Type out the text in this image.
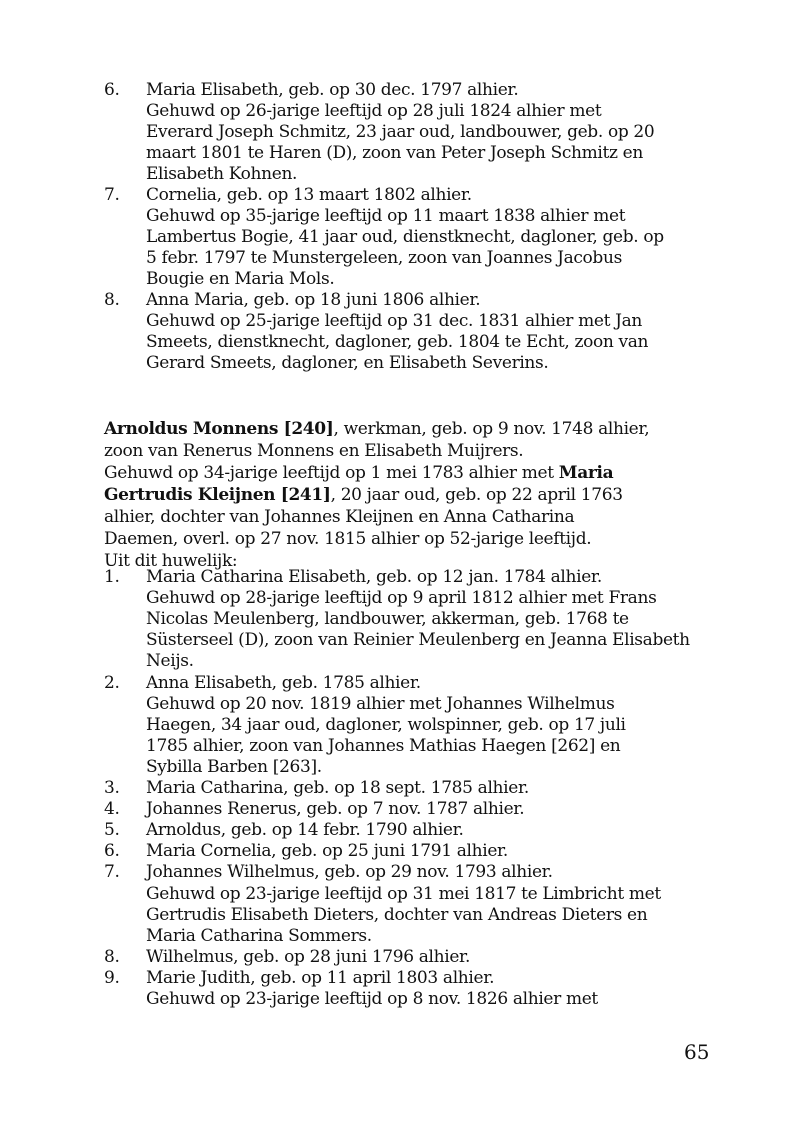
6. Maria Elisabeth, geb. op 30 dec. 1797 alhier.
Gehuwd op 26-jarige leeftijd op 28 juli 1824 alhier met
Everard Joseph Schmitz, 23 jaar oud, landbouwer, geb. op 20
maart 1801 te Haren (D), zoon van Peter Joseph Schmitz en
Elisabeth Kohnen.
7. Cornelia, geb. op 13 maart 1802 alhier.
Gehuwd op 35-jarige leeftijd op 11 maart 1838 alhier met
Lambertus Bogie, 41 jaar oud, dienstknecht, dagloner, geb. op
5 febr. 1797 te Munstergeleen, zoon van Joannes Jacobus
Bougie en Maria Mols.
8. Anna Maria, geb. op 18 juni 1806 alhier.
Gehuwd op 25-jarige leeftijd op 31 dec. 1831 alhier met Jan
Smeets, dienstknecht, dagloner, geb. 1804 te Echt, zoon van
Gerard Smeets, dagloner, en Elisabeth Severins.
Arnoldus Monnens [240], werkman, geb. op 9 nov. 1748 alhier,
zoon van Renerus Monnens en Elisabeth Muijrers.
Gehuwd op 34-jarige leeftijd op 1 mei 1783 alhier met Maria
Gertrudis Kleijnen [241], 20 jaar oud, geb. op 22 april 1763
alhier, dochter van Johannes Kleijnen en Anna Catharina
Daemen, overl. op 27 nov. 1815 alhier op 52-jarige leeftijd.
Uit dit huwelijk:
1. Maria Catharina Elisabeth, geb. op 12 jan. 1784 alhier.
Gehuwd op 28-jarige leeftijd op 9 april 1812 alhier met Frans
Nicolas Meulenberg, landbouwer, akkerman, geb. 1768 te
Süsterseel (D), zoon van Reinier Meulenberg en Jeanna Elisabeth
Neijs.
2. Anna Elisabeth, geb. 1785 alhier.
Gehuwd op 20 nov. 1819 alhier met Johannes Wilhelmus
Haegen, 34 jaar oud, dagloner, wolspinner, geb. op 17 juli
1785 alhier, zoon van Johannes Mathias Haegen [262] en
Sybilla Barben [263].
3. Maria Catharina, geb. op 18 sept. 1785 alhier.
4. Johannes Renerus, geb. op 7 nov. 1787 alhier.
5. Arnoldus, geb. op 14 febr. 1790 alhier.
6. Maria Cornelia, geb. op 25 juni 1791 alhier.
7. Johannes Wilhelmus, geb. op 29 nov. 1793 alhier.
Gehuwd op 23-jarige leeftijd op 31 mei 1817 te Limbricht met
Gertrudis Elisabeth Dieters, dochter van Andreas Dieters en
Maria Catharina Sommers.
8. Wilhelmus, geb. op 28 juni 1796 alhier.
9. Marie Judith, geb. op 11 april 1803 alhier.
Gehuwd op 23-jarige leeftijd op 8 nov. 1826 alhier met
65
